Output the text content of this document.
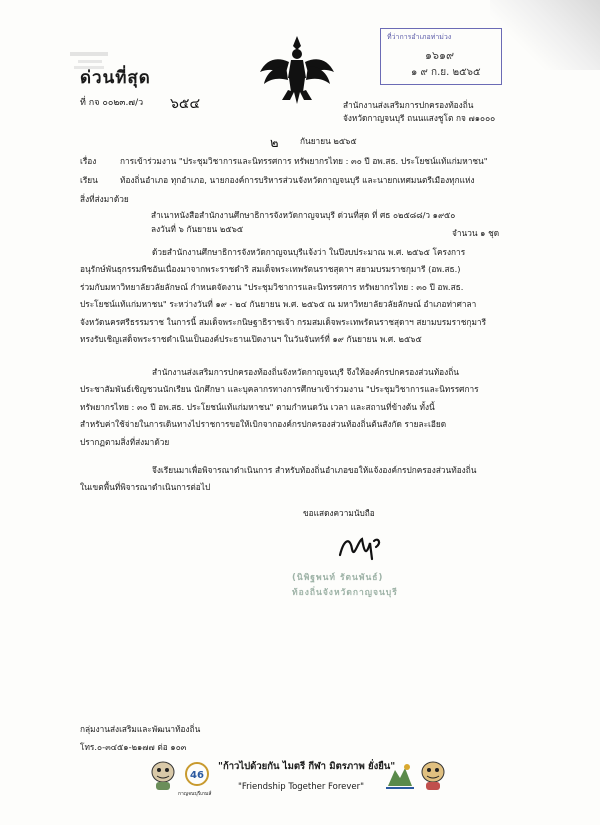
ด่วนที่สุด
ที่ กจ ๐๐๒๓.๗/ว ๖๕๔
ที่ว่าการอำเภอท่าม่วง
๑๖๑๙
๑ ๙ ก.ย. ๒๕๖๕
สำนักงานส่งเสริมการปกครองท้องถิ่น
จังหวัดกาญจนบุรี ถนนแสงชูโต กจ ๗๑๐๐๐
๒	กันยายน ๒๕๖๕
เรื่อง	การเข้าร่วมงาน "ประชุมวิชาการและนิทรรศการ ทรัพยากรไทย : ๓๐ ปี อพ.สธ. ประโยชน์แท้แก่มหาชน"
เรียน	ท้องถิ่นอำเภอ ทุกอำเภอ, นายกองค์การบริหารส่วนจังหวัดกาญจนบุรี และนายกเทศมนตรีเมืองทุกแห่ง
สิ่งที่ส่งมาด้วย
สำเนาหนังสือสำนักงานศึกษาธิการจังหวัดกาญจนบุรี ด่วนที่สุด ที่ ศธ ๐๒๕๘๘/ว ๑๙๕๐
ลงวันที่ ๖ กันยายน ๒๕๖๕	จำนวน ๑ ชุด
ด้วยสำนักงานศึกษาธิการจังหวัดกาญจนบุรีแจ้งว่า ในปีงบประมาณ พ.ศ. ๒๕๖๕ โครงการ
อนุรักษ์พันธุกรรมพืชอันเนื่องมาจากพระราชดำริ สมเด็จพระเทพรัตนราชสุดาฯ สยามบรมราชกุมารี (อพ.สธ.)
ร่วมกับมหาวิทยาลัยวลัยลักษณ์ กำหนดจัดงาน "ประชุมวิชาการและนิทรรศการ ทรัพยากรไทย : ๓๐ ปี อพ.สธ.
ประโยชน์แท้แก่มหาชน" ระหว่างวันที่ ๑๙ - ๒๔ กันยายน พ.ศ. ๒๕๖๕ ณ มหาวิทยาลัยวลัยลักษณ์ อำเภอท่าศาลา
จังหวัดนครศรีธรรมราช ในการนี้ สมเด็จพระกนิษฐาธิราชเจ้า กรมสมเด็จพระเทพรัตนราชสุดาฯ สยามบรมราชกุมารี
ทรงรับเชิญเสด็จพระราชดำเนินเป็นองค์ประธานเปิดงานฯ ในวันจันทร์ที่ ๑๙ กันยายน พ.ศ. ๒๕๖๕
สำนักงานส่งเสริมการปกครองท้องถิ่นจังหวัดกาญจนบุรี จึงให้องค์กรปกครองส่วนท้องถิ่น
ประชาสัมพันธ์เชิญชวนนักเรียน นักศึกษา และบุคลากรทางการศึกษาเข้าร่วมงาน "ประชุมวิชาการและนิทรรศการ
ทรัพยากรไทย : ๓๐ ปี อพ.สธ. ประโยชน์แท้แก่มหาชน" ตามกำหนดวัน เวลา และสถานที่ข้างต้น ทั้งนี้
สำหรับค่าใช้จ่ายในการเดินทางไปราชการขอให้เบิกจากองค์กรปกครองส่วนท้องถิ่นต้นสังกัด รายละเอียด
ปรากฏตามสิ่งที่ส่งมาด้วย
จึงเรียนมาเพื่อพิจารณาดำเนินการ สำหรับท้องถิ่นอำเภอขอให้แจ้งองค์กรปกครองส่วนท้องถิ่น
ในเขตพื้นที่พิจารณาดำเนินการต่อไป
ขอแสดงความนับถือ
(นิพิฐพนท์ รัตนพันธ์)
ท้องถิ่นจังหวัดกาญจนบุรี
กลุ่มงานส่งเสริมและพัฒนาท้องถิ่น
โทร.๐-๓๔๕๑-๒๑๗๗ ต่อ ๑๐๓
46
กาญจนบุรีเกมส์
"ก้าวไปด้วยกัน ไมตรี กีฬา มิตรภาพ ยั่งยืน"
"Friendship Together Forever"
